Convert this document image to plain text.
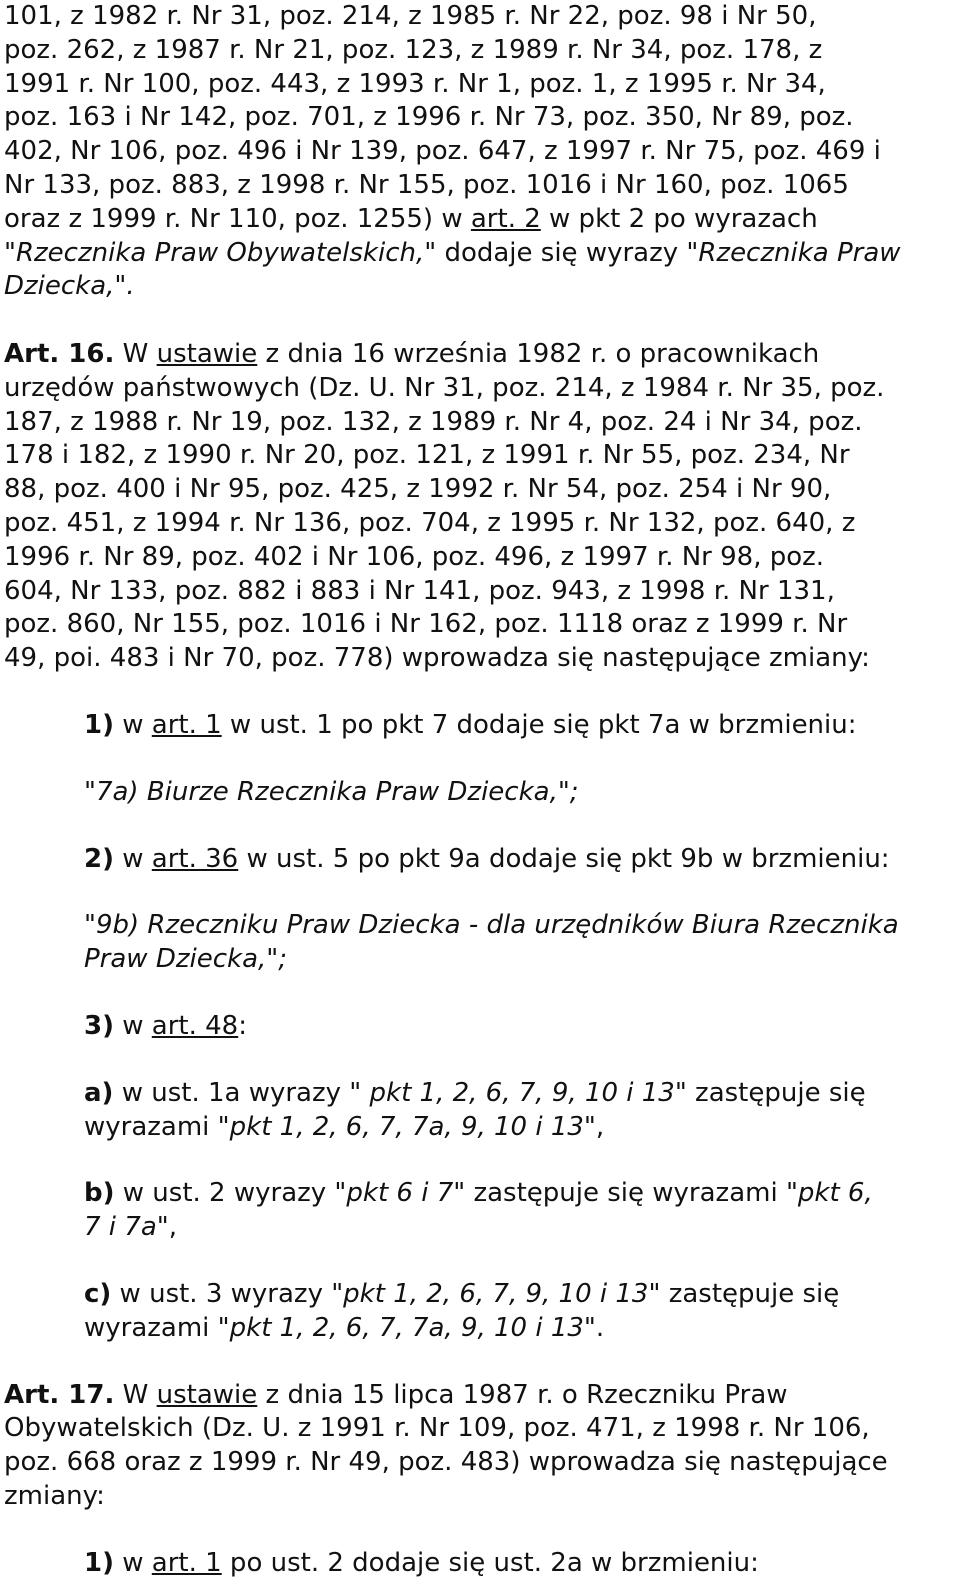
101, z 1982 r. Nr 31, poz. 214, z 1985 r. Nr 22, poz. 98 i Nr 50,
poz. 262, z 1987 r. Nr 21, poz. 123, z 1989 r. Nr 34, poz. 178, z
1991 r. Nr 100, poz. 443, z 1993 r. Nr 1, poz. 1, z 1995 r. Nr 34,
poz. 163 i Nr 142, poz. 701, z 1996 r. Nr 73, poz. 350, Nr 89, poz.
402, Nr 106, poz. 496 i Nr 139, poz. 647, z 1997 r. Nr 75, poz. 469 i
Nr 133, poz. 883, z 1998 r. Nr 155, poz. 1016 i Nr 160, poz. 1065
oraz z 1999 r. Nr 110, poz. 1255) w art. 2 w pkt 2 po wyrazach
"Rzecznika Praw Obywatelskich," dodaje się wyrazy "Rzecznika Praw
Dziecka,".
Art. 16. W ustawie z dnia 16 września 1982 r. o pracownikach
urzędów państwowych (Dz. U. Nr 31, poz. 214, z 1984 r. Nr 35, poz.
187, z 1988 r. Nr 19, poz. 132, z 1989 r. Nr 4, poz. 24 i Nr 34, poz.
178 i 182, z 1990 r. Nr 20, poz. 121, z 1991 r. Nr 55, poz. 234, Nr
88, poz. 400 i Nr 95, poz. 425, z 1992 r. Nr 54, poz. 254 i Nr 90,
poz. 451, z 1994 r. Nr 136, poz. 704, z 1995 r. Nr 132, poz. 640, z
1996 r. Nr 89, poz. 402 i Nr 106, poz. 496, z 1997 r. Nr 98, poz.
604, Nr 133, poz. 882 i 883 i Nr 141, poz. 943, z 1998 r. Nr 131,
poz. 860, Nr 155, poz. 1016 i Nr 162, poz. 1118 oraz z 1999 r. Nr
49, poi. 483 i Nr 70, poz. 778) wprowadza się następujące zmiany:
1) w art. 1 w ust. 1 po pkt 7 dodaje się pkt 7a w brzmieniu:
"7a) Biurze Rzecznika Praw Dziecka,";
2) w art. 36 w ust. 5 po pkt 9a dodaje się pkt 9b w brzmieniu:
"9b) Rzeczniku Praw Dziecka - dla urzędników Biura Rzecznika
Praw Dziecka,";
3) w art. 48:
a) w ust. 1a wyrazy " pkt 1, 2, 6, 7, 9, 10 i 13" zastępuje się
wyrazami "pkt 1, 2, 6, 7, 7a, 9, 10 i 13",
b) w ust. 2 wyrazy "pkt 6 i 7" zastępuje się wyrazami "pkt 6,
7 i 7a",
c) w ust. 3 wyrazy "pkt 1, 2, 6, 7, 9, 10 i 13" zastępuje się
wyrazami "pkt 1, 2, 6, 7, 7a, 9, 10 i 13".
Art. 17. W ustawie z dnia 15 lipca 1987 r. o Rzeczniku Praw
Obywatelskich (Dz. U. z 1991 r. Nr 109, poz. 471, z 1998 r. Nr 106,
poz. 668 oraz z 1999 r. Nr 49, poz. 483) wprowadza się następujące
zmiany:
1) w art. 1 po ust. 2 dodaje się ust. 2a w brzmieniu:
